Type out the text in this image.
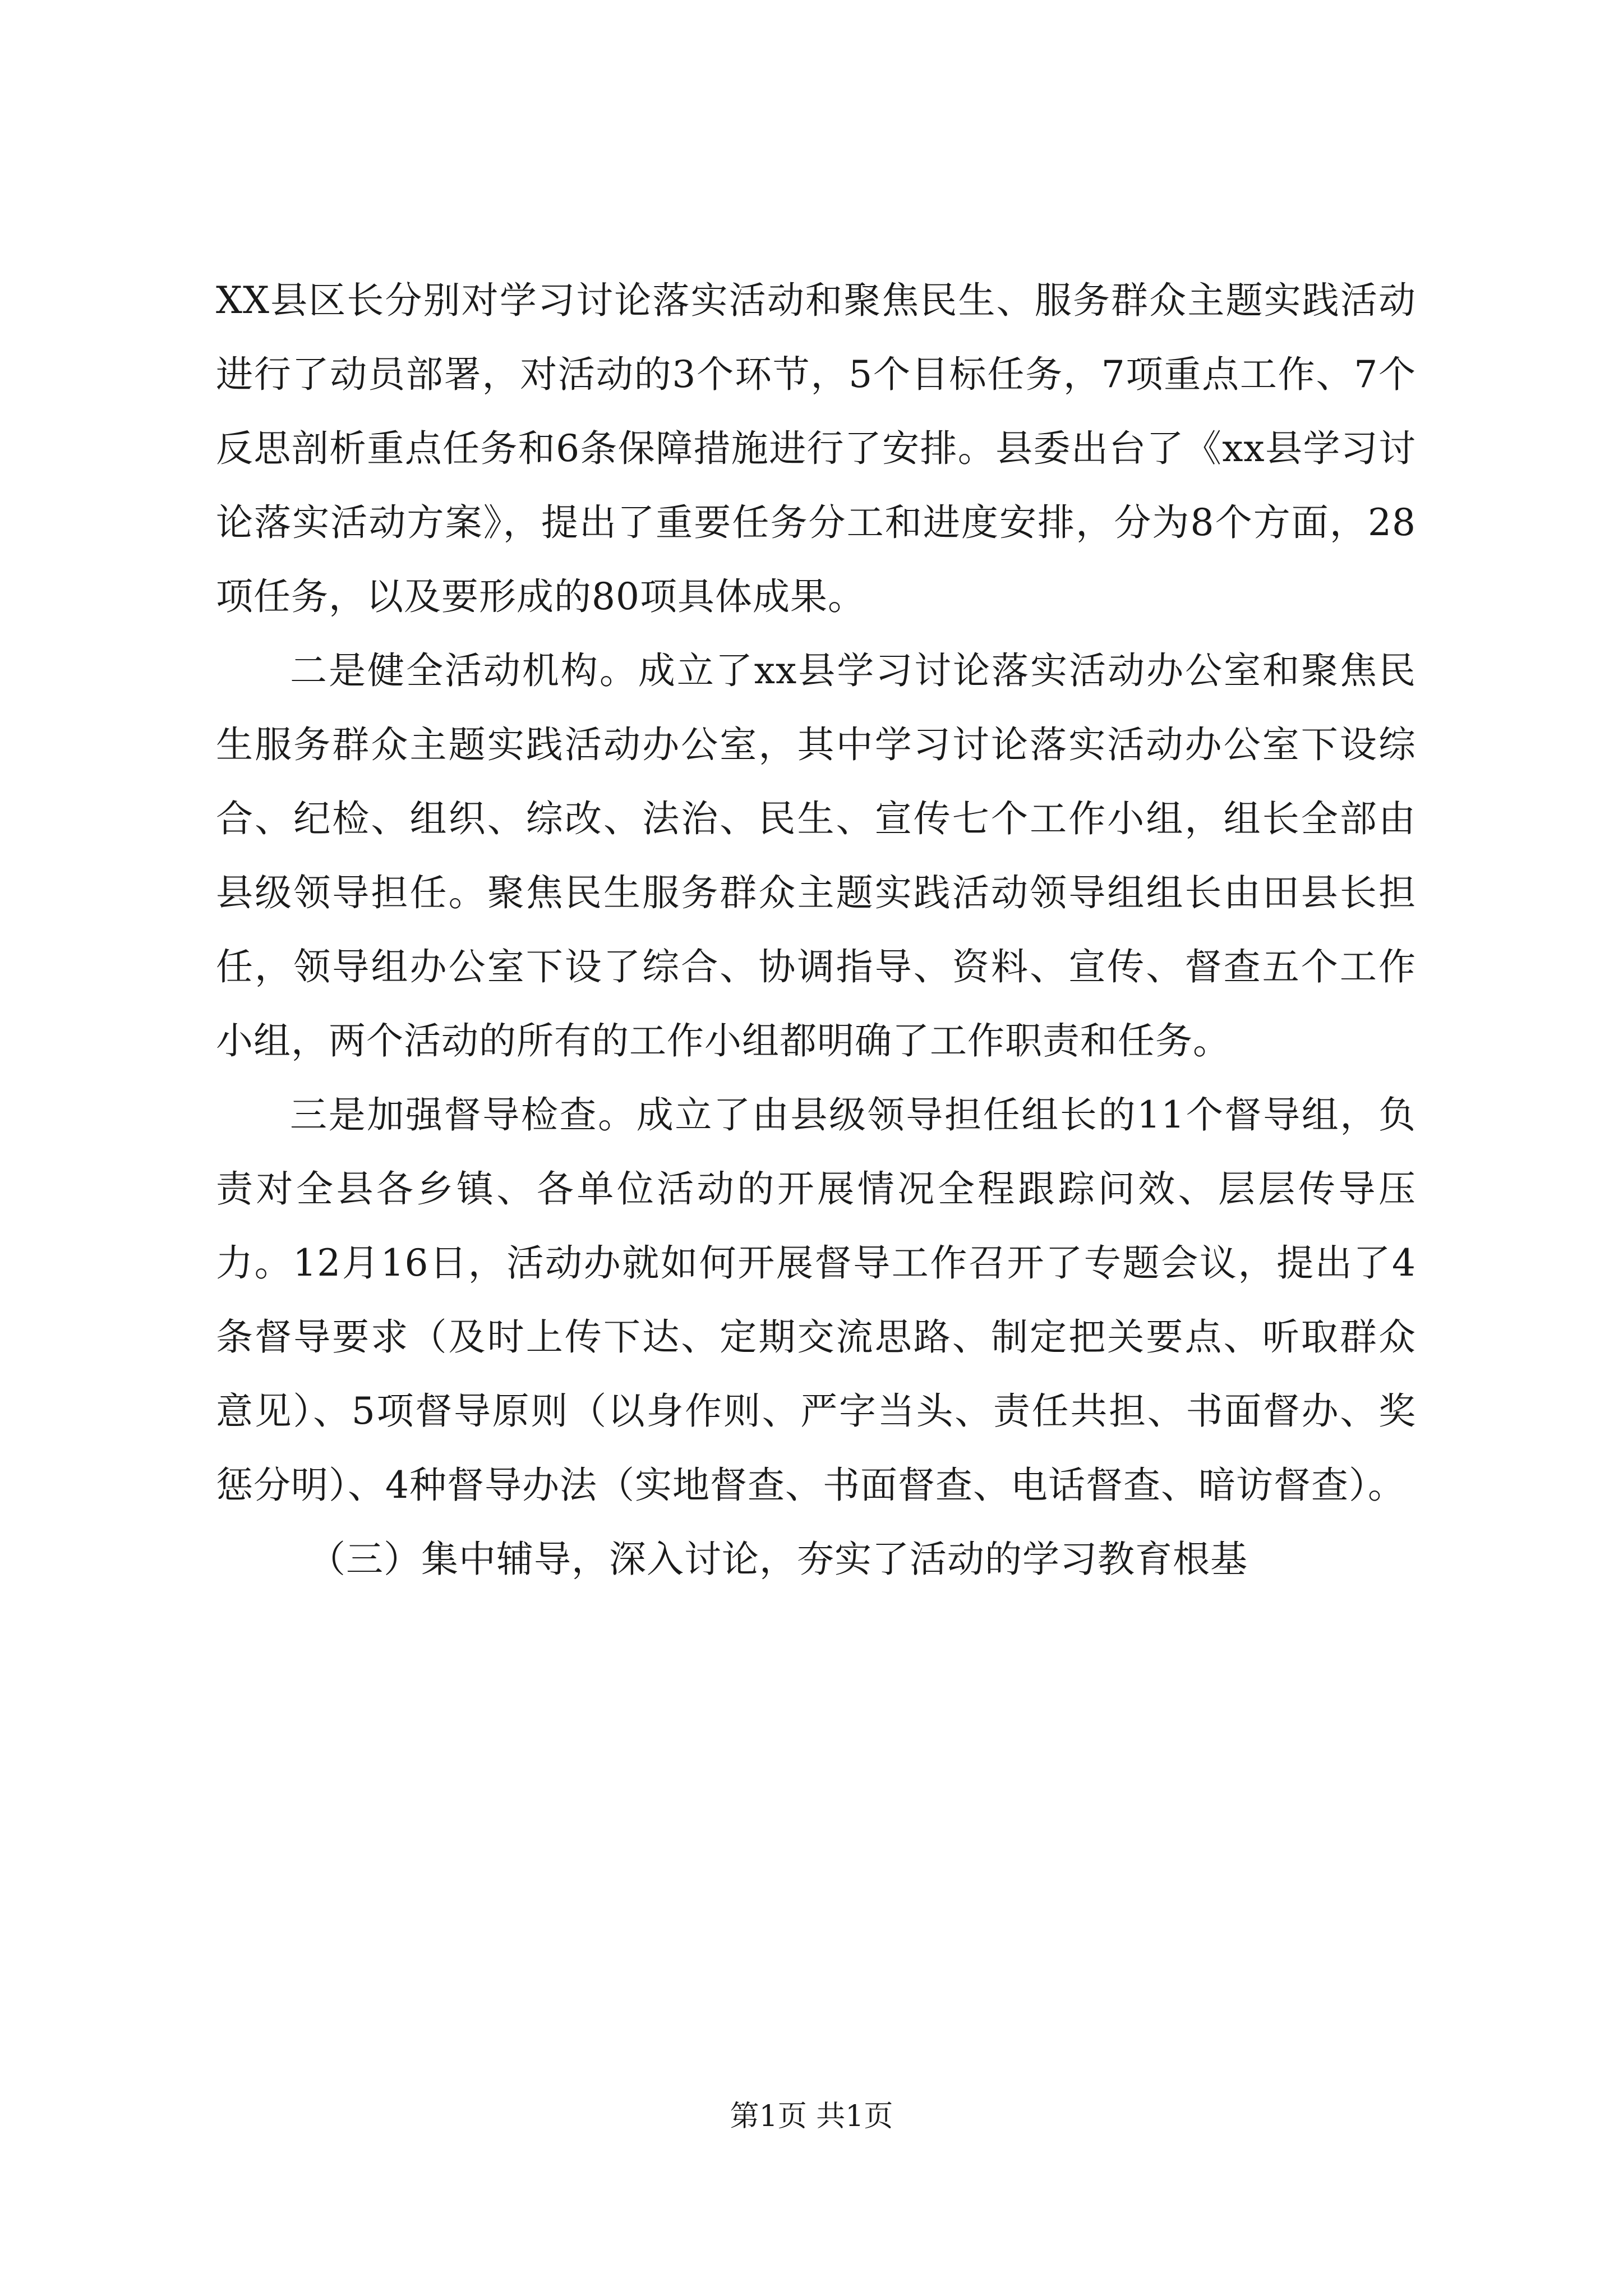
XX县区长分别对学习讨论落实活动和聚焦民生、服务群众主题实践活动进行了动员部署，对活动的3个环节，5个目标任务，7项重点工作、7个反思剖析重点任务和6条保障措施进行了安排。县委出台了《xx县学习讨论落实活动方案》，提出了重要任务分工和进度安排，分为8个方面，28项任务，以及要形成的80项具体成果。

二是健全活动机构。成立了xx县学习讨论落实活动办公室和聚焦民生服务群众主题实践活动办公室，其中学习讨论落实活动办公室下设综合、纪检、组织、综改、法治、民生、宣传七个工作小组，组长全部由县级领导担任。聚焦民生服务群众主题实践活动领导组组长由田县长担任，领导组办公室下设了综合、协调指导、资料、宣传、督查五个工作小组，两个活动的所有的工作小组都明确了工作职责和任务。

三是加强督导检查。成立了由县级领导担任组长的11个督导组，负责对全县各乡镇、各单位活动的开展情况全程跟踪问效、层层传导压力。12月16日，活动办就如何开展督导工作召开了专题会议，提出了4条督导要求（及时上传下达、定期交流思路、制定把关要点、听取群众意见）、5项督导原则（以身作则、严字当头、责任共担、书面督办、奖惩分明）、4种督导办法（实地督查、书面督查、电话督查、暗访督查）。

（三）集中辅导，深入讨论，夯实了活动的学习教育根基

第1页 共1页
